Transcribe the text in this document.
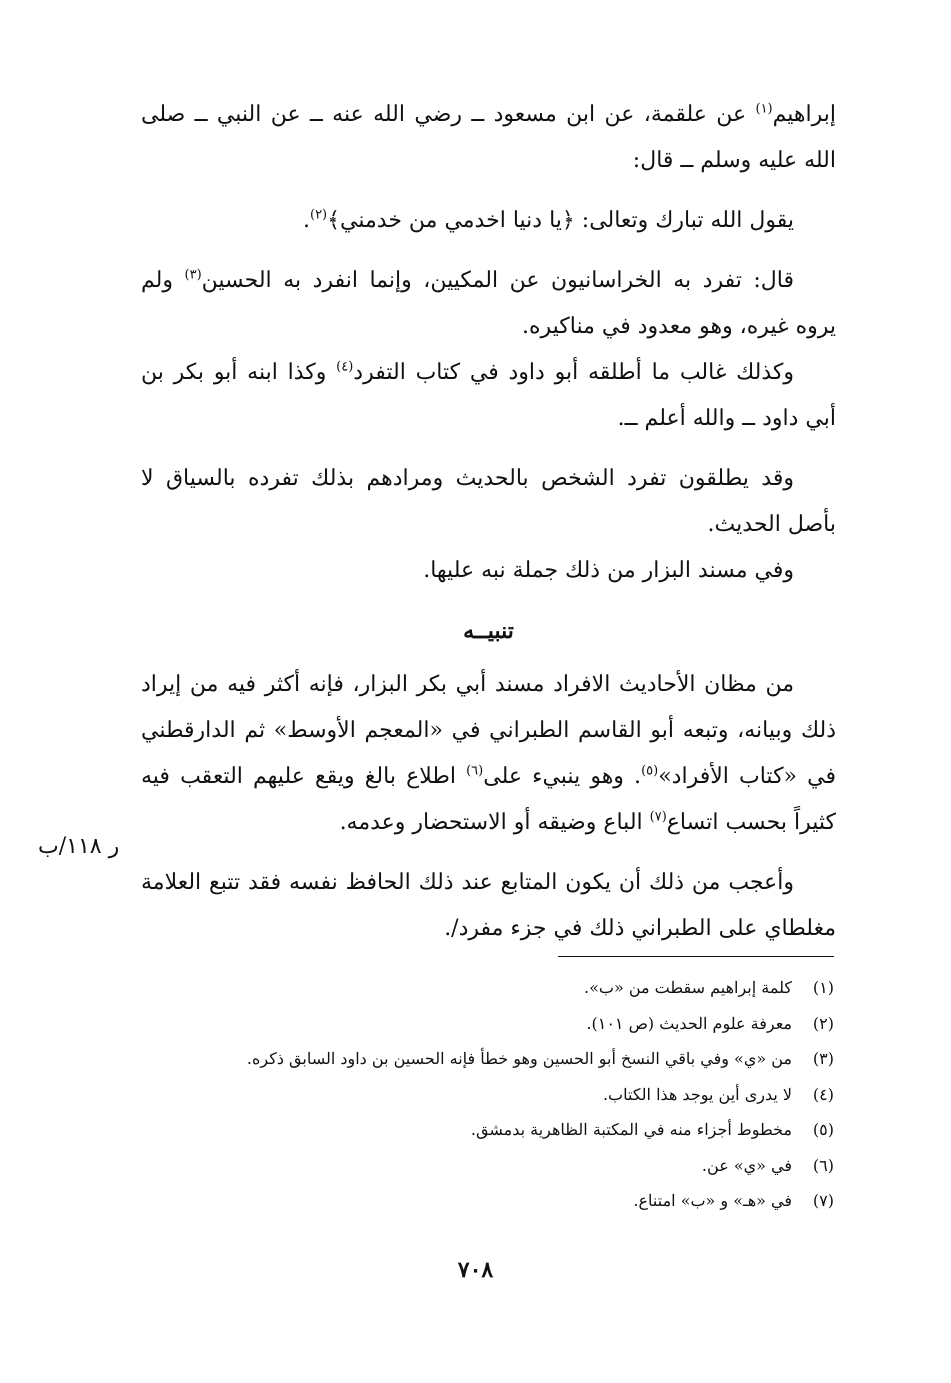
إبراهيم$^{(١)}$ عن علقمة، عن ابن مسعود ــ رضي الله عنه ــ عن النبي ــ صلى الله عليه وسلم ــ قال:

يقول الله تبارك وتعالى: ﴿يا دنيا اخدمي من خدمني﴾$^{(٢)}$.

قال: تفرد به الخراسانيون عن المكيين، وإنما انفرد به الحسين$^{(٣)}$ ولم يروه غيره، وهو معدود في مناكيره.

وكذلك غالب ما أطلقه أبو داود في كتاب التفرد$^{(٤)}$ وكذا ابنه أبو بكر بن أبي داود ــ والله أعلم ــ.

وقد يطلقون تفرد الشخص بالحديث ومرادهم بذلك تفرده بالسياق لا بأصل الحديث.

وفي مسند البزار من ذلك جملة نبه عليها.

تنبيــه

من مظان الأحاديث الافراد مسند أبي بكر البزار، فإنه أكثر فيه من إيراد ذلك وبيانه، وتبعه أبو القاسم الطبراني في «المعجم الأوسط» ثم الدارقطني في «كتاب الأفراد»$^{(٥)}$. وهو ينبيء على$^{(٦)}$ اطلاع بالغ ويقع عليهم التعقب فيه كثيراً بحسب اتساع$^{(٧)}$ الباع وضيقه أو الاستحضار وعدمه.

وأعجب من ذلك أن يكون المتابع عند ذلك الحافظ نفسه فقد تتبع العلامة مغلطاي على الطبراني ذلك في جزء مفرد/.

ر ١١٨/ب
(١)
كلمة إبراهيم سقطت من «ب».
(٢)
معرفة علوم الحديث (ص ١٠١).
(٣)
من «ي» وفي باقي النسخ أبو الحسين وهو خطأ فإنه الحسين بن داود السابق ذكره.
(٤)
لا يدرى أين يوجد هذا الكتاب.
(٥)
مخطوط أجزاء منه في المكتبة الظاهرية بدمشق.
(٦)
في «ي» عن.
(٧)
في «هـ» و «ب» امتناع.
٧٠٨
